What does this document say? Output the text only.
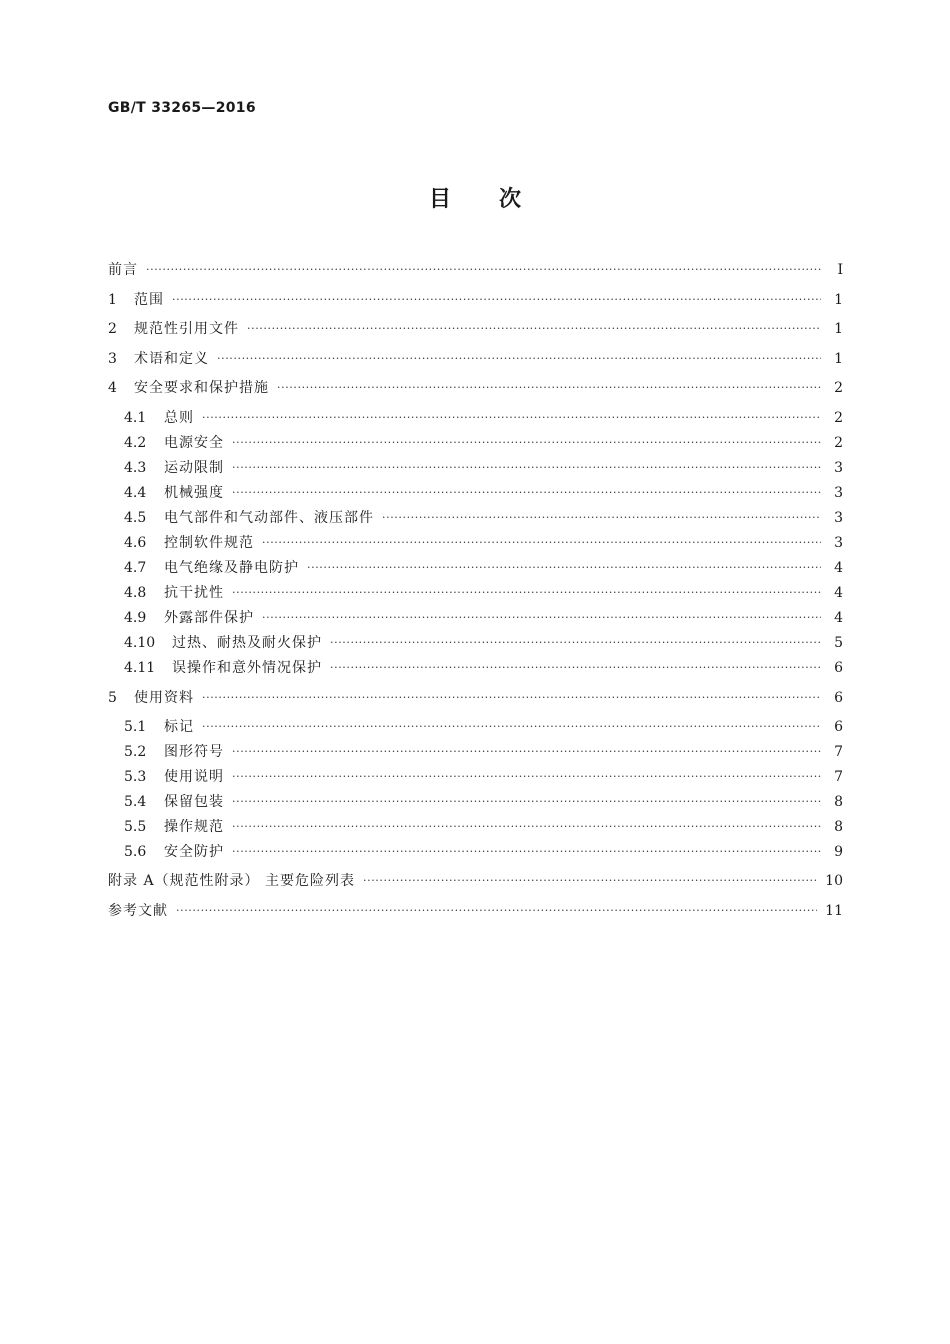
GB/T 33265—2016
目 次
前言 ·····	Ⅰ
1	范围 ·····	1
2	规范性引用文件 ·····	1
3	术语和定义 ·····	1
4	安全要求和保护措施 ·····	2
4.1	总则 ·····	2
4.2	电源安全 ·····	2
4.3	运动限制 ·····	3
4.4	机械强度 ·····	3
4.5	电气部件和气动部件、液压部件 ·····	3
4.6	控制软件规范 ·····	3
4.7	电气绝缘及静电防护 ·····	4
4.8	抗干扰性 ·····	4
4.9	外露部件保护 ·····	4
4.10	过热、耐热及耐火保护 ·····	5
4.11	误操作和意外情况保护 ·····	6
5	使用资料 ·····	6
5.1	标记 ·····	6
5.2	图形符号 ·····	7
5.3	使用说明 ·····	7
5.4	保留包装 ·····	8
5.5	操作规范 ·····	8
5.6	安全防护 ·····	9
附录 A（规范性附录） 主要危险列表 ·····	10
参考文献 ·····	11
